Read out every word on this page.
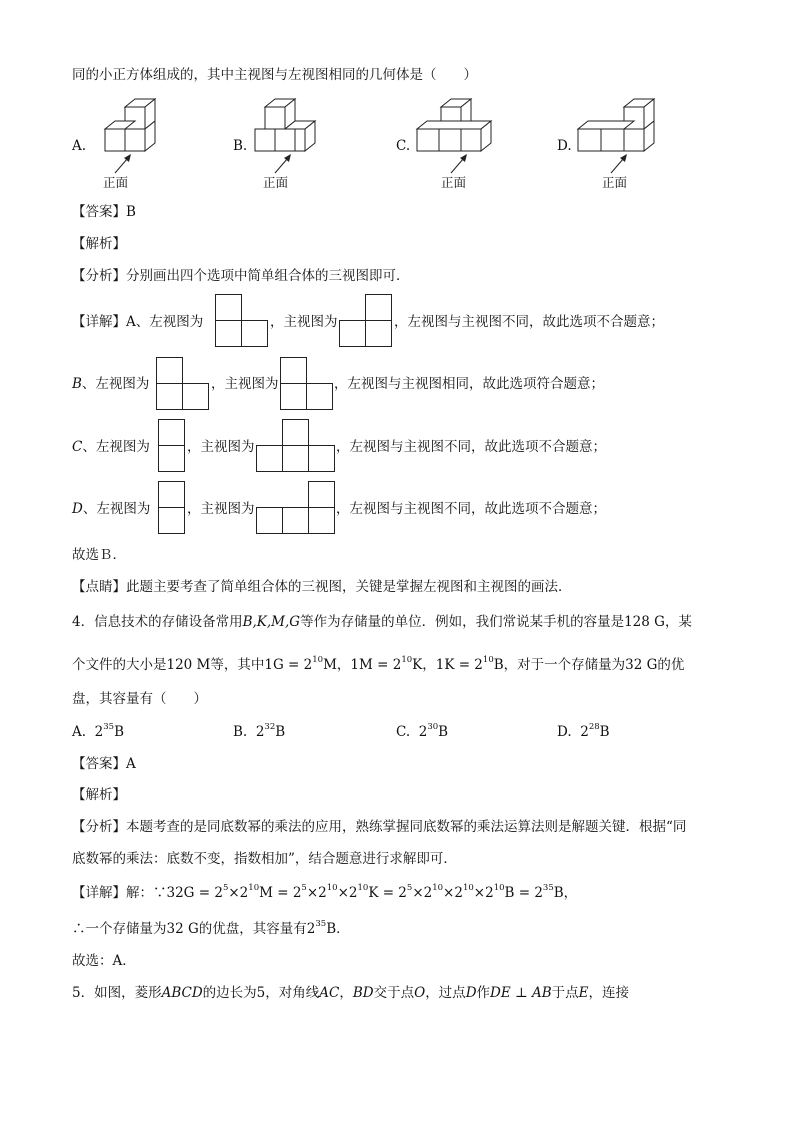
同的小正方体组成的，其中主视图与左视图相同的几何体是（　　）
A.
正面
B.
正面
C.
正面
D.
正面
【答案】B
【解析】
【分析】分别画出四个选项中简单组合体的三视图即可．
【详解】A、左视图为	，主视图为	，左视图与主视图不同，故此选项不合题意；
B、左视图为	，主视图为	，左视图与主视图相同，故此选项符合题意；
C、左视图为	，主视图为	，左视图与主视图不同，故此选项不合题意；
D、左视图为	，主视图为	，左视图与主视图不同，故此选项不合题意；
故选Ｂ．
【点睛】此题主要考查了简单组合体的三视图，关键是掌握左视图和主视图的画法．
4．信息技术的存储设备常用B,K,M,G等作为存储量的单位．例如，我们常说某手机的容量是128 G，某
个文件的大小是120 M等，其中$1G = 2^{10}M$，$1M = 2^{10}K$，$1K = 2^{10}B$，对于一个存储量为32 G的优
盘，其容量有（　　）
A. $2^{35}B$	B. $2^{32}B$	C. $2^{30}B$	D. $2^{28}B$
【答案】A
【解析】
【分析】本题考查的是同底数幂的乘法的应用，熟练掌握同底数幂的乘法运算法则是解题关键．根据“同
底数幂的乘法：底数不变，指数相加”，结合题意进行求解即可．
【详解】解：∵32G = $2^5\times 2^{10}M = 2^5\times 2^{10}\times 2^{10}K = 2^5\times 2^{10}\times 2^{10}\times 2^{10}B = 2^{35}B$，
∴一个存储量为32 G的优盘，其容量有$2^{35}B$．
故选：A．
5．如图，菱形ABCD的边长为5，对角线AC，BD交于点O，过点D作DE ⊥ AB于点E，连接
